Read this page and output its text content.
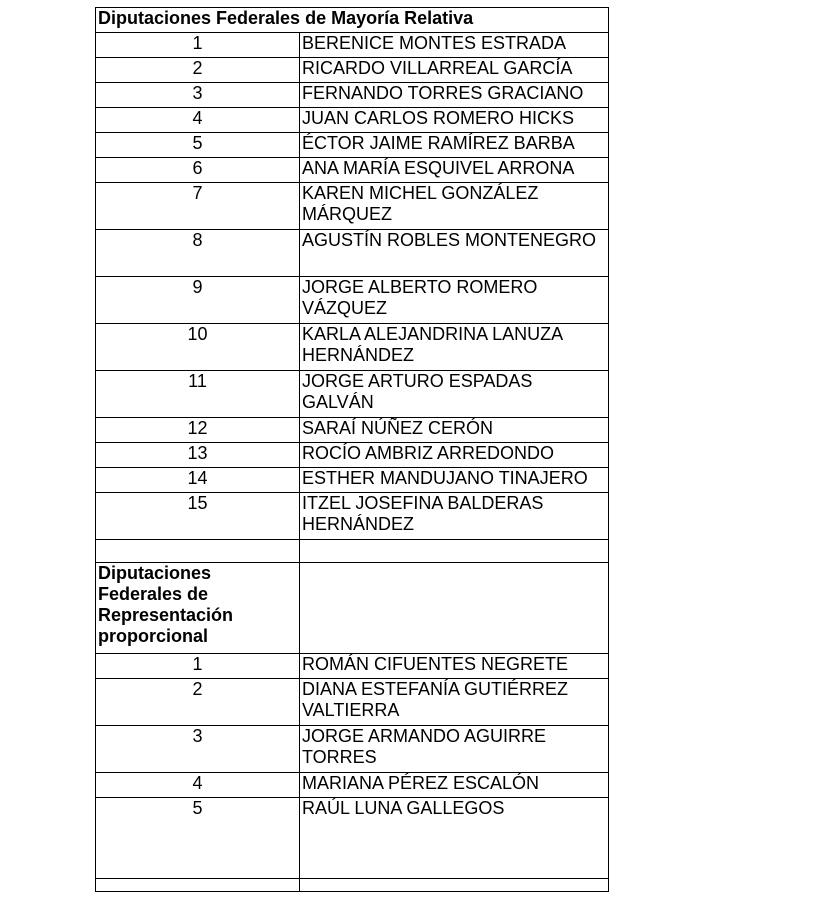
Diputaciones Federales de Mayoría Relativa	
1	BERENICE MONTES ESTRADA
2	RICARDO VILLARREAL GARCÍA
3	FERNANDO TORRES GRACIANO
4	JUAN CARLOS ROMERO HICKS
5	ÉCTOR JAIME RAMÍREZ BARBA
6	ANA MARÍA ESQUIVEL ARRONA
7	KAREN MICHEL GONZÁLEZ MÁRQUEZ
8	AGUSTÍN ROBLES MONTENEGRO
9	JORGE ALBERTO ROMERO VÁZQUEZ
10	KARLA ALEJANDRINA LANUZA HERNÁNDEZ
11	JORGE ARTURO ESPADAS GALVÁN
12	SARAÍ NÚÑEZ CERÓN
13	ROCÍO AMBRIZ ARREDONDO
14	ESTHER MANDUJANO TINAJERO
15	ITZEL JOSEFINA BALDERAS HERNÁNDEZ

Diputaciones Federales de Representación proporcional	
1	ROMÁN CIFUENTES NEGRETE
2	DIANA ESTEFANÍA GUTIÉRREZ VALTIERRA
3	JORGE ARMANDO AGUIRRE TORRES
4	MARIANA PÉREZ ESCALÓN
5	RAÚL LUNA GALLEGOS
